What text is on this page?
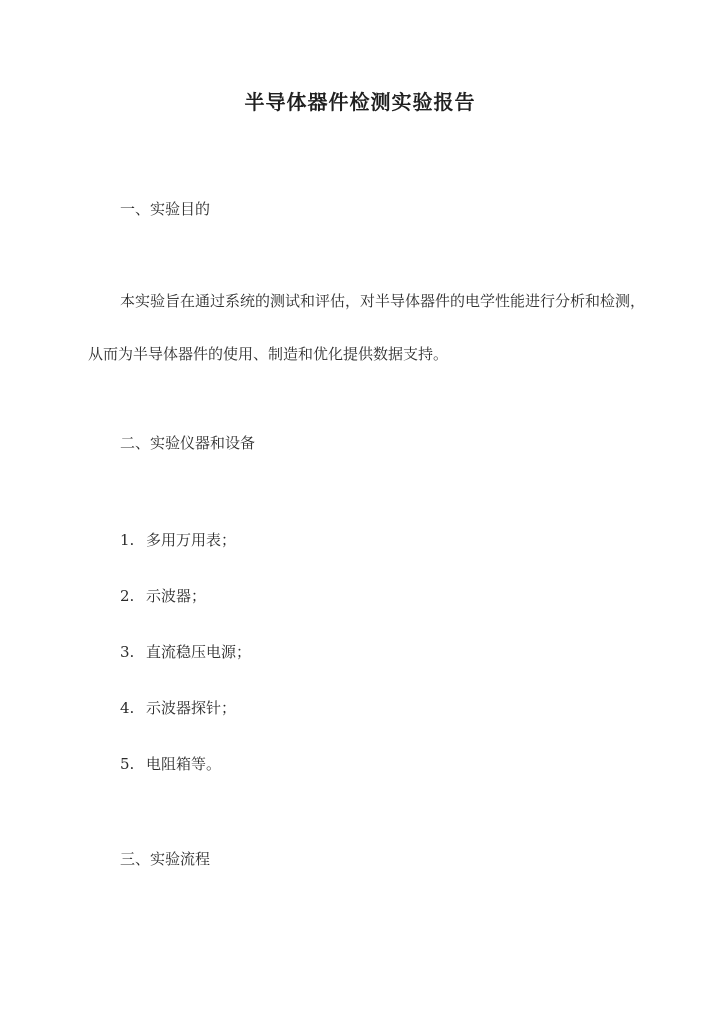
半导体器件检测实验报告
一、实验目的
本实验旨在通过系统的测试和评估，对半导体器件的电学性能进行分析和检测，从而为半导体器件的使用、制造和优化提供数据支持。
二、实验仪器和设备
1. 多用万用表；
2. 示波器；
3. 直流稳压电源；
4. 示波器探针；
5. 电阻箱等。
三、实验流程
